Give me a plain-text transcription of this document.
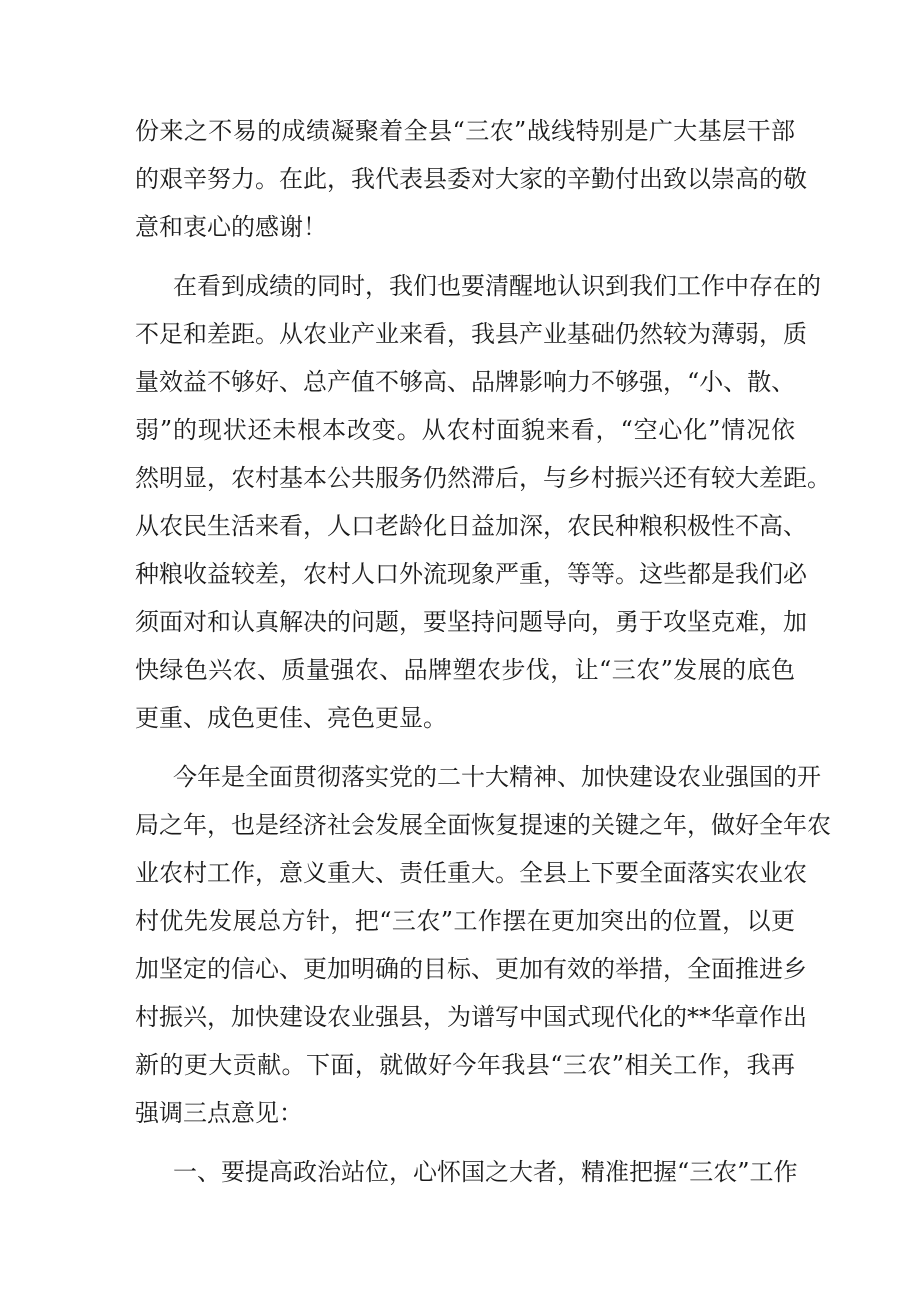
份来之不易的成绩凝聚着全县“三农”战线特别是广大基层干部
的艰辛努力。在此，我代表县委对大家的辛勤付出致以崇高的敬
意和衷心的感谢！
在看到成绩的同时，我们也要清醒地认识到我们工作中存在的
不足和差距。从农业产业来看，我县产业基础仍然较为薄弱，质
量效益不够好、总产值不够高、品牌影响力不够强，“小、散、
弱”的现状还未根本改变。从农村面貌来看，“空心化”情况依
然明显，农村基本公共服务仍然滞后，与乡村振兴还有较大差距。
从农民生活来看，人口老龄化日益加深，农民种粮积极性不高、
种粮收益较差，农村人口外流现象严重，等等。这些都是我们必
须面对和认真解决的问题，要坚持问题导向，勇于攻坚克难，加
快绿色兴农、质量强农、品牌塑农步伐，让“三农”发展的底色
更重、成色更佳、亮色更显。
今年是全面贯彻落实党的二十大精神、加快建设农业强国的开
局之年，也是经济社会发展全面恢复提速的关键之年，做好全年农
业农村工作，意义重大、责任重大。全县上下要全面落实农业农
村优先发展总方针，把“三农”工作摆在更加突出的位置，以更
加坚定的信心、更加明确的目标、更加有效的举措，全面推进乡
村振兴，加快建设农业强县，为谱写中国式现代化的**华章作出
新的更大贡献。下面，就做好今年我县“三农”相关工作，我再
强调三点意见：
一、要提高政治站位，心怀国之大者，精准把握“三农”工作
